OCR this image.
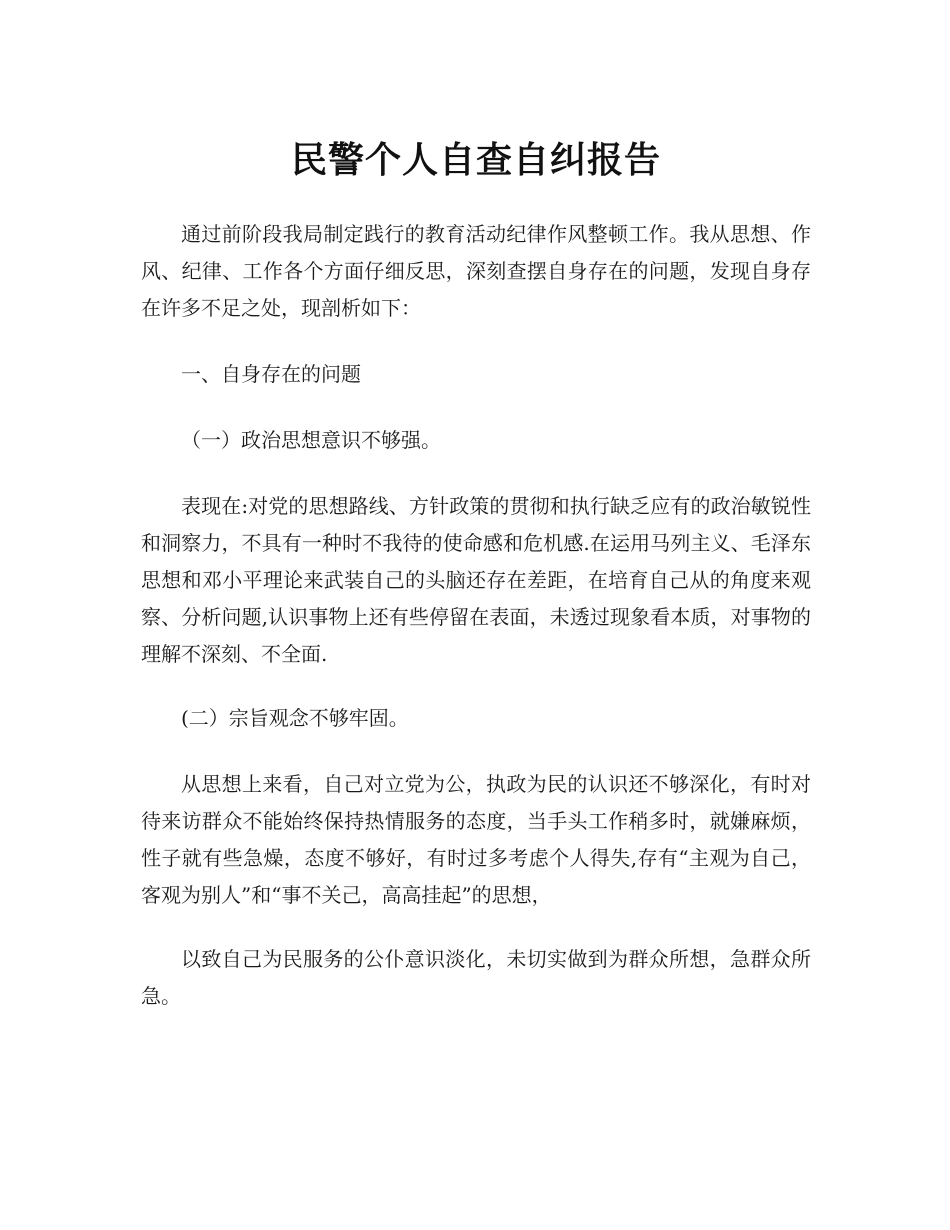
民警个人自查自纠报告

通过前阶段我局制定践行的教育活动纪律作风整顿工作。我从思想、作风、纪律、工作各个方面仔细反思，深刻查摆自身存在的问题，发现自身存在许多不足之处，现剖析如下：

一、自身存在的问题

（一）政治思想意识不够强。

表现在:对党的思想路线、方针政策的贯彻和执行缺乏应有的政治敏锐性和洞察力，不具有一种时不我待的使命感和危机感.在运用马列主义、毛泽东思想和邓小平理论来武装自己的头脑还存在差距，在培育自己从的角度来观察、分析问题,认识事物上还有些停留在表面，未透过现象看本质，对事物的理解不深刻、不全面.

(二）宗旨观念不够牢固。

从思想上来看，自己对立党为公，执政为民的认识还不够深化，有时对待来访群众不能始终保持热情服务的态度，当手头工作稍多时，就嫌麻烦，性子就有些急燥，态度不够好，有时过多考虑个人得失,存有“主观为自己，客观为别人”和“事不关己，高高挂起”的思想，

以致自己为民服务的公仆意识淡化，未切实做到为群众所想，急群众所急。
